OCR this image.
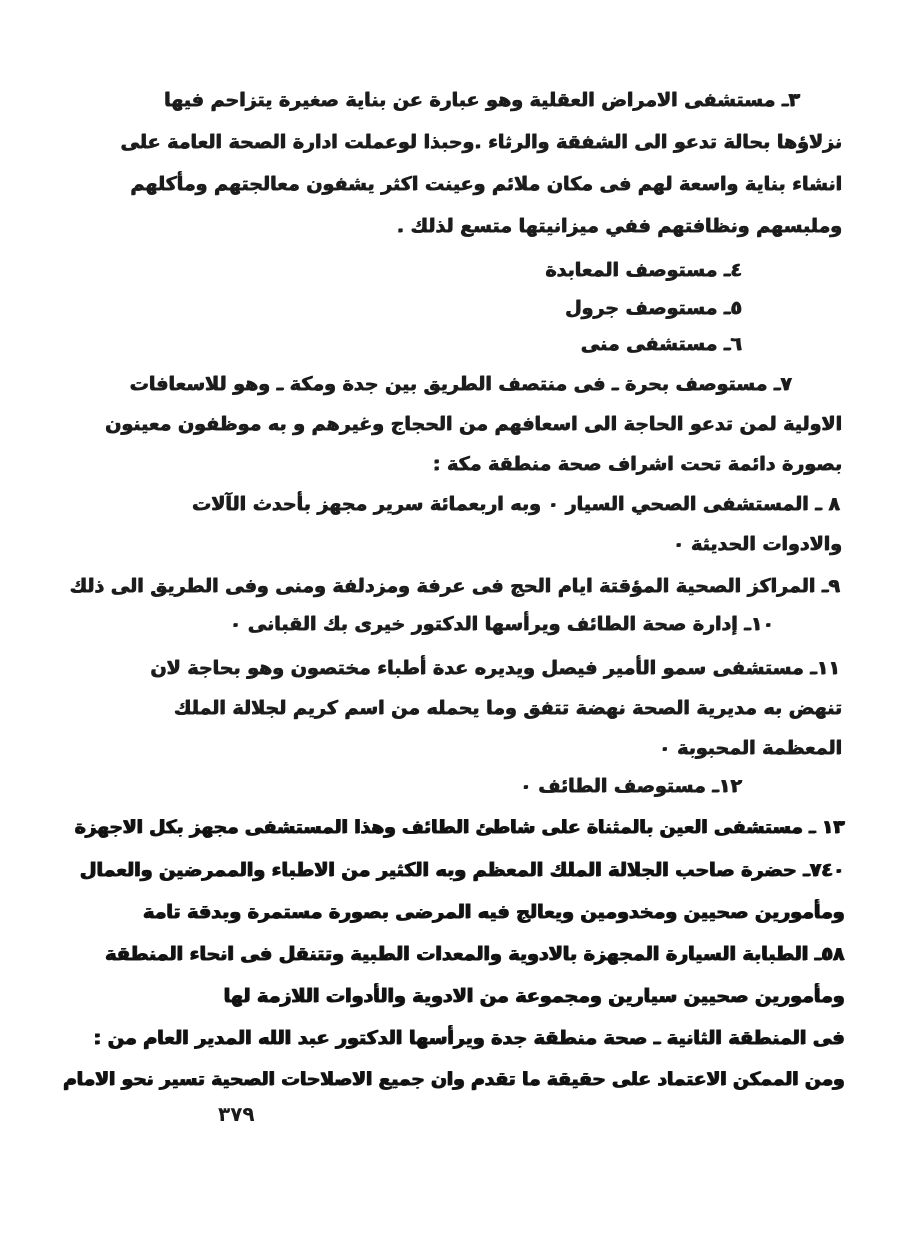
٣ـ مستشفى الامراض العقلية وهو عبارة عن بناية صغيرة يتزاحم فيها
نزلاؤها بحالة تدعو الى الشفقة والرثاء .وحبذا لوعملت ادارة الصحة العامة على
انشاء بناية واسعة لهم فى مكان ملائم وعينت اكثر يشفون معالجتهم ومأكلهم
وملبسهم ونظافتهم ففي ميزانيتها متسع لذلك .
٤ـ مستوصف المعابدة
٥ـ مستوصف جرول
٦ـ مستشفى منى
٧ـ مستوصف بحرة ـ فى منتصف الطريق بين جدة ومكة ـ وهو للاسعافات
الاولية لمن تدعو الحاجة الى اسعافهم من الحجاج وغيرهم و به موظفون معينون
بصورة دائمة تحت اشراف صحة منطقة مكة :
٨ ـ المستشفى الصحي السيار ٠ وبه اربعمائة سرير مجهز بأحدث الآلات
والادوات الحديثة ٠
٩ـ المراكز الصحية المؤقتة ايام الحج فى عرفة ومزدلفة ومنى وفى الطريق الى ذلك
١٠ـ إدارة صحة الطائف ويرأسها الدكتور خيرى بك القبانى ٠
١١ـ مستشفى سمو الأمير فيصل ويديره عدة أطباء مختصون وهو بحاجة لان
تنهض به مديرية الصحة نهضة تتفق وما يحمله من اسم كريم لجلالة الملك
المعظمة المحبوبة ٠
١٢ـ مستوصف الطائف ٠
١٣ ـ مستشفى العين بالمثناة على شاطئ الطائف وهذا المستشفى مجهز بكل الاجهزة
٧٤٠ـ حضرة صاحب الجلالة الملك المعظم وبه الكثير من الاطباء والممرضين والعمال
ومأمورين صحيين ومخدومين ويعالج فيه المرضى بصورة مستمرة وبدقة تامة
٥٨ـ الطبابة السيارة المجهزة بالادوية والمعدات الطبية وتتنقل فى انحاء المنطقة
ومأمورين صحيين سيارين ومجموعة من الادوية والأدوات اللازمة لها
فى المنطقة الثانية ـ صحة منطقة جدة ويرأسها الدكتور عبد الله المدير العام من :
ومن الممكن الاعتماد على حقيقة ما تقدم وان جميع الاصلاحات الصحية تسير نحو الامام
٣٧٩
